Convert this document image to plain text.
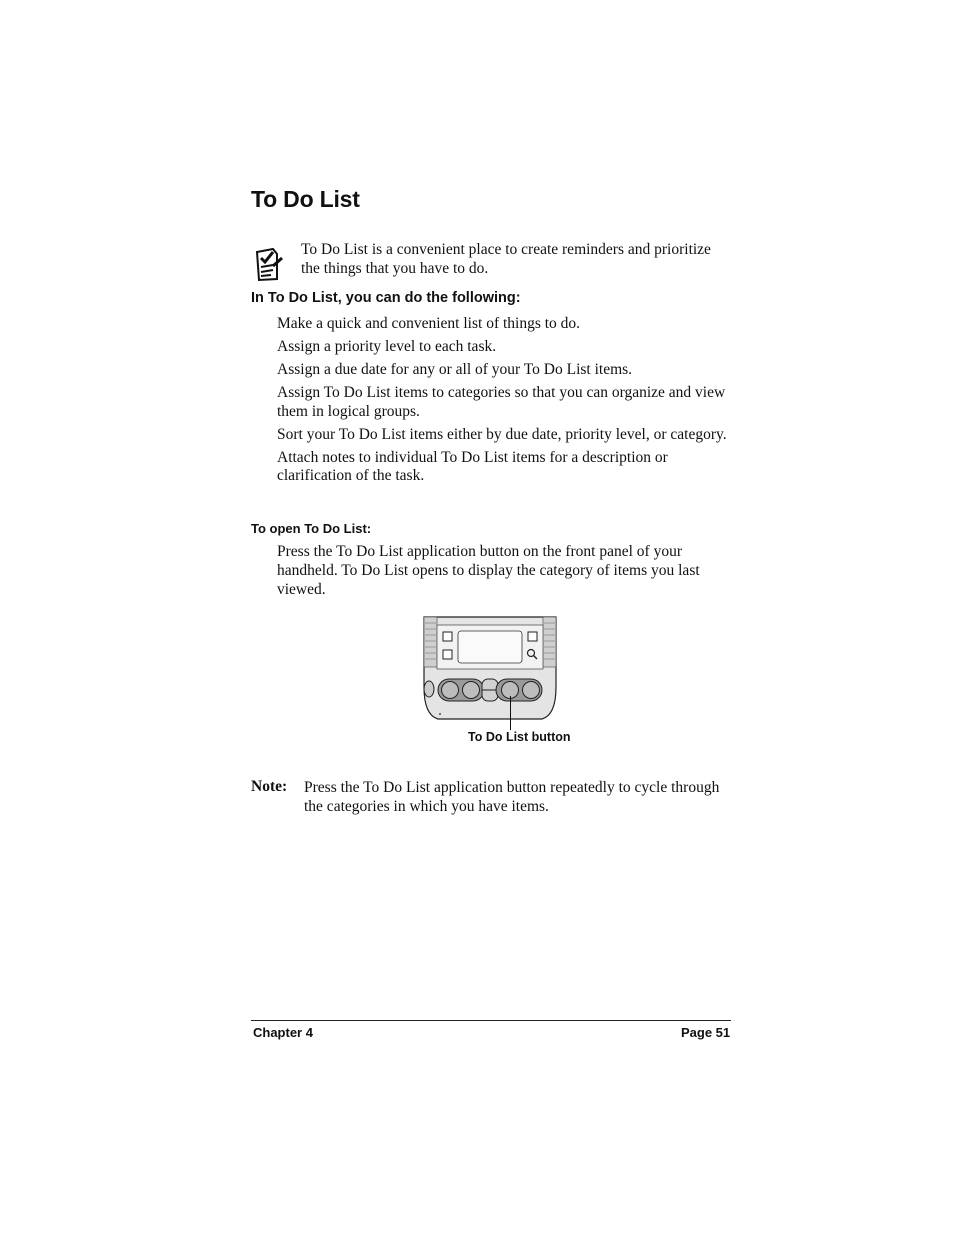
To Do List

To Do List is a convenient place to create reminders and prioritize the things that you have to do.

In To Do List, you can do the following:
Make a quick and convenient list of things to do.
Assign a priority level to each task.
Assign a due date for any or all of your To Do List items.
Assign To Do List items to categories so that you can organize and view them in logical groups.
Sort your To Do List items either by due date, priority level, or category.
Attach notes to individual To Do List items for a description or clarification of the task.
To open To Do List:

Press the To Do List application button on the front panel of your handheld. To Do List opens to display the category of items you last viewed.

To Do List button
Note: Press the To Do List application button repeatedly to cycle through the categories in which you have items.

Chapter 4	Page 51
